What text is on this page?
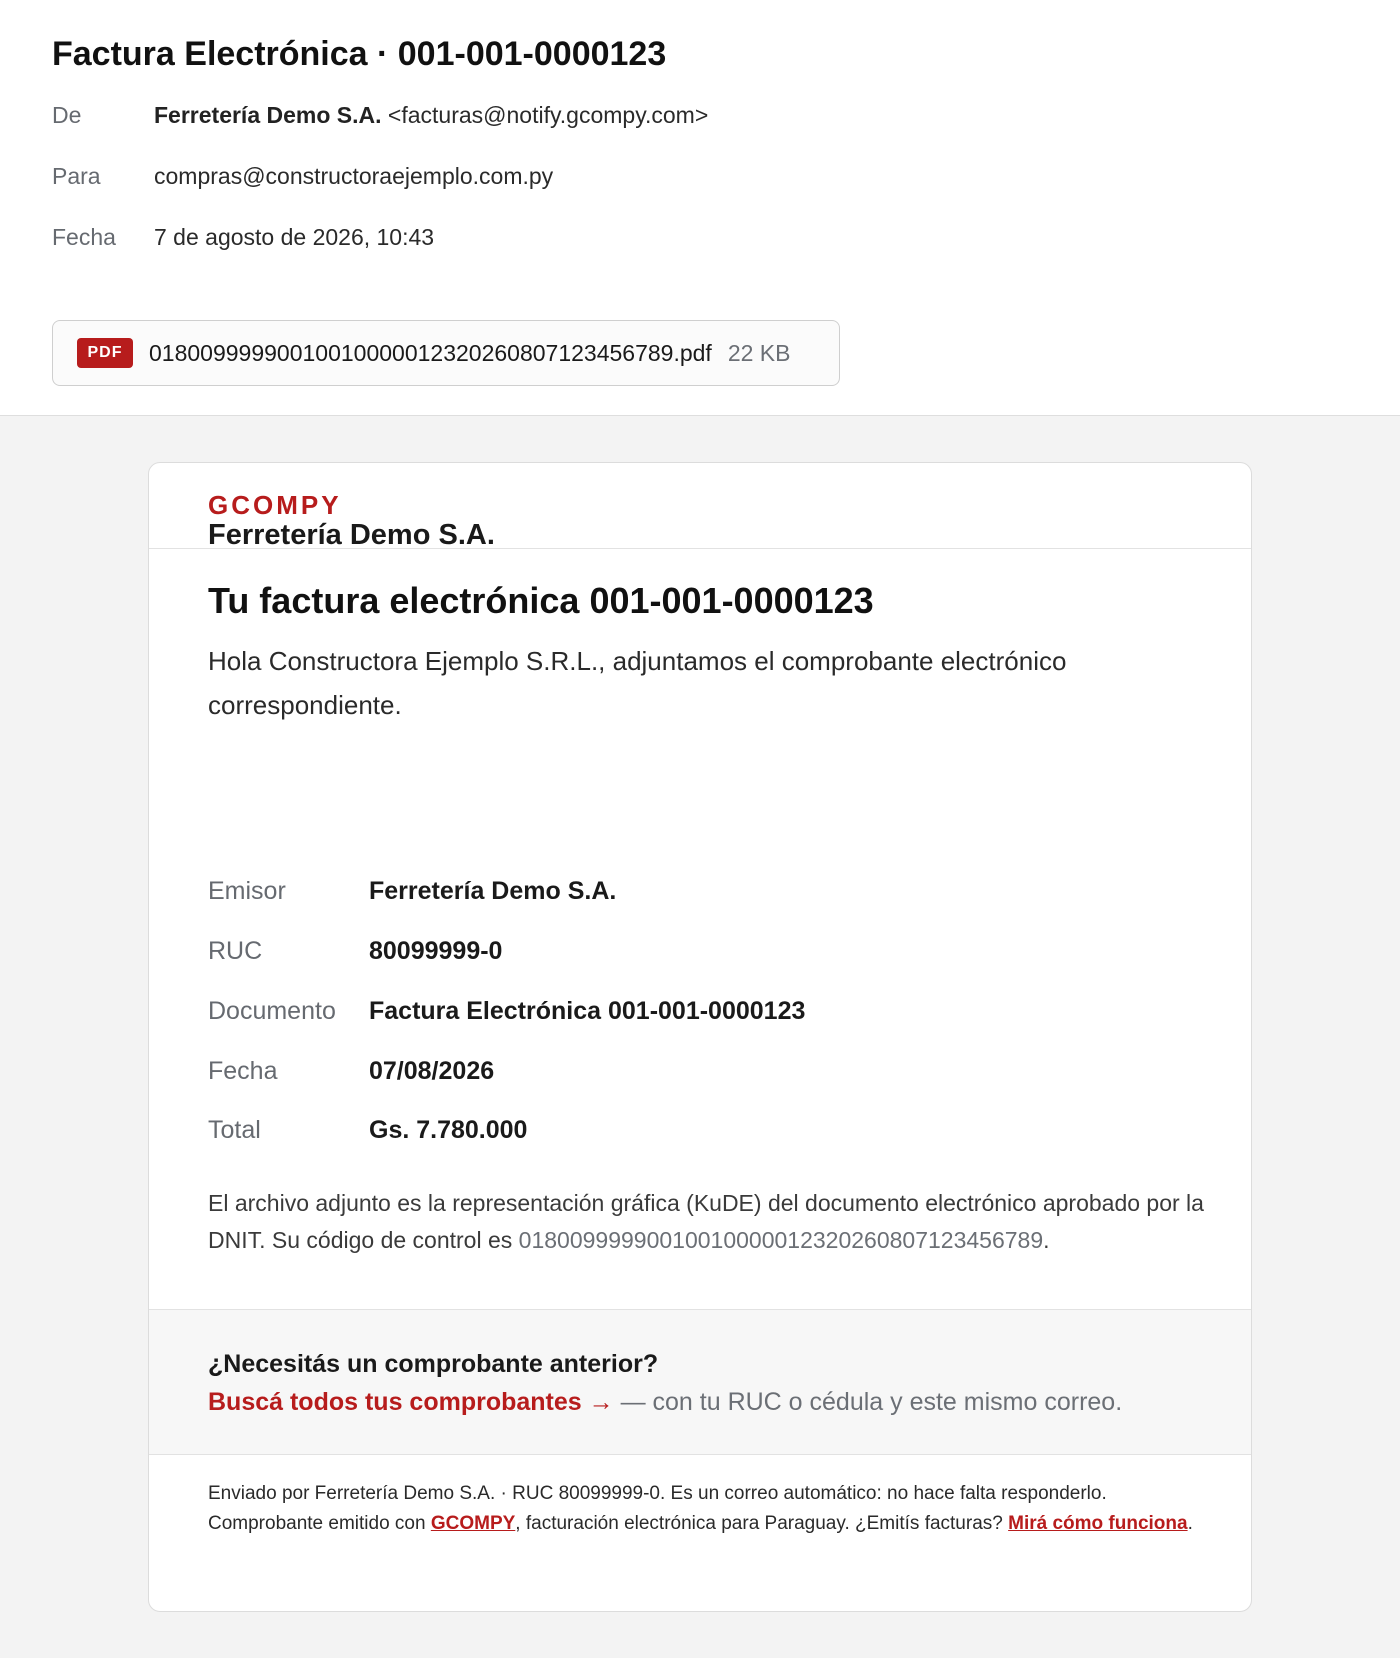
Factura Electrónica · 001-001-0000123
De	Ferretería Demo S.A. <facturas@notify.gcompy.com>
Para	compras@constructoraejemplo.com.py
Fecha	7 de agosto de 2026, 10:43
PDF	01800999990010010000012320260807123456789.pdf 22 KB
GCOMPY
Ferretería Demo S.A.
Tu factura electrónica 001-001-0000123
Hola Constructora Ejemplo S.R.L., adjuntamos el comprobante electrónico correspondiente.
Emisor	Ferretería Demo S.A.
RUC	80099999-0
Documento	Factura Electrónica 001-001-0000123
Fecha	07/08/2026
Total	Gs. 7.780.000
El archivo adjunto es la representación gráfica (KuDE) del documento electrónico aprobado por la DNIT. Su código de control es 01800999990010010000012320260807123456789.
¿Necesitás un comprobante anterior?
Buscá todos tus comprobantes → — con tu RUC o cédula y este mismo correo.
Enviado por Ferretería Demo S.A. · RUC 80099999-0. Es un correo automático: no hace falta responderlo.
Comprobante emitido con GCOMPY, facturación electrónica para Paraguay. ¿Emitís facturas? Mirá cómo funciona.
